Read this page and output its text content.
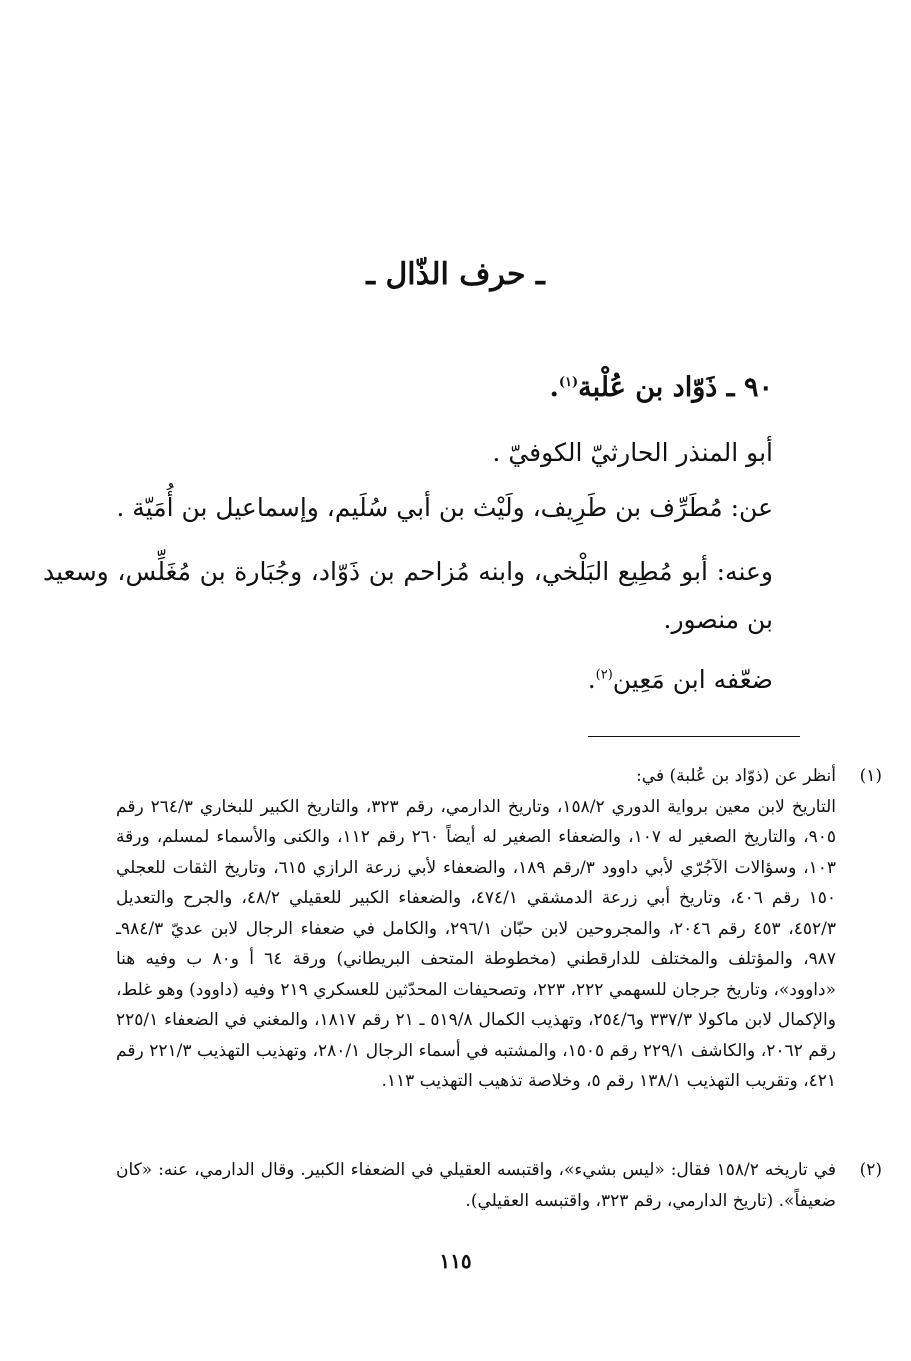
ـ حرف الذّال ـ
٩٠ ـ ذَوّاد بن عُلْبة$^{(١)}$.
أبو المنذر الحارثيّ الكوفيّ .
عن: مُطَرِّف بن طَرِيف، ولَيْث بن أبي سُلَيم، وإسماعيل بن أُمَيّة .
وعنه: أبو مُطِيع البَلْخي، وابنه مُزاحم بن ذَوّاد، وجُبَارة بن مُغَلِّس، وسعيد بن منصور.
ضعّفه ابن مَعِين$^{(٢)}$.
(١)
أنظر عن (ذوّاد بن عُلبة) في:
التاريخ لابن معين برواية الدوري ١٥٨/٢، وتاريخ الدارمي، رقم ٣٢٣، والتاريخ الكبير للبخاري ٢٦٤/٣ رقم ٩٠٥، والتاريخ الصغير له ١٠٧، والضعفاء الصغير له أيضاً ٢٦٠ رقم ١١٢، والكنى والأسماء لمسلم، ورقة ١٠٣، وسؤالات الآجُرّي لأبي داوود ٣/رقم ١٨٩، والضعفاء لأبي زرعة الرازي ٦١٥، وتاريخ الثقات للعجلي ١٥٠ رقم ٤٠٦، وتاريخ أبي زرعة الدمشقي ٤٧٤/١، والضعفاء الكبير للعقيلي ٤٨/٢، والجرح والتعديل ٤٥٢/٣، ٤٥٣ رقم ٢٠٤٦، والمجروحين لابن حبّان ٢٩٦/١، والكامل في ضعفاء الرجال لابن عديّ ٩٨٤/٣ـ ٩٨٧، والمؤتلف والمختلف للدارقطني (مخطوطة المتحف البريطاني) ورقة ٦٤ أ و٨٠ ب وفيه هنا «داوود»، وتاريخ جرجان للسهمي ٢٢٢، ٢٢٣، وتصحيفات المحدّثين للعسكري ٢١٩ وفيه (داوود) وهو غلط، والإكمال لابن ماكولا ٣٣٧/٣ و٢٥٤/٦، وتهذيب الكمال ٥١٩/٨ ـ ٢١ رقم ١٨١٧، والمغني في الضعفاء ٢٢٥/١ رقم ٢٠٦٢، والكاشف ٢٢٩/١ رقم ١٥٠٥، والمشتبه في أسماء الرجال ٢٨٠/١، وتهذيب التهذيب ٢٢١/٣ رقم ٤٢١، وتقريب التهذيب ١٣٨/١ رقم ٥، وخلاصة تذهيب التهذيب ١١٣.
(٢)
في تاريخه ١٥٨/٢ فقال: «ليس بشيء»، واقتبسه العقيلي في الضعفاء الكبير. وقال الدارمي، عنه: «كان ضعيفاً». (تاريخ الدارمي، رقم ٣٢٣، واقتبسه العقيلي).
١١٥
